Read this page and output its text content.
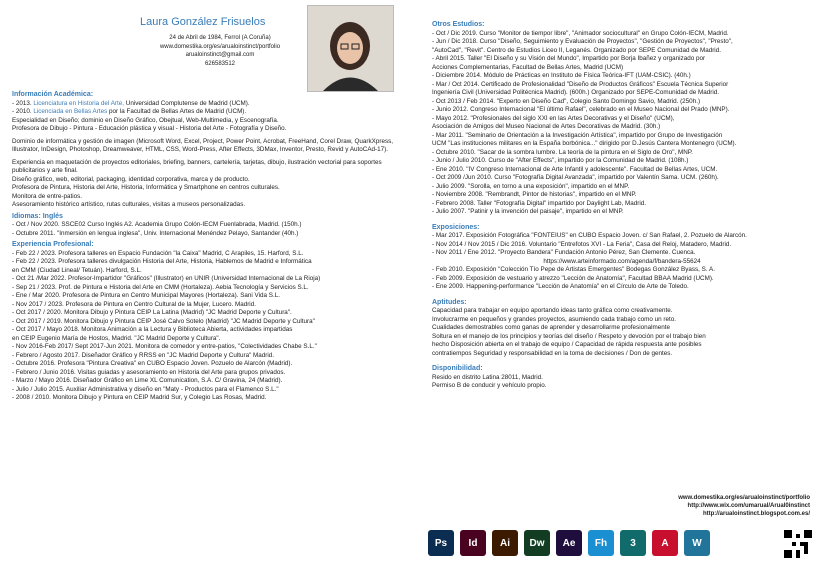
Laura González Frisuelos
24 de Abril de 1984, Ferrol (A Coruña)
www.domestika.org/es/arualoinstinct/portfolio
arualoinstinct@gmail.com
626583512
Información Académica:
- 2013. Licenciatura en Historia del Arte, Universidad Complutense de Madrid (UCM).
- 2010. Licenciada en Bellas Artes por la Facultad de Bellas Artes de Madrid (UCM).
Especialidad en Diseño; dominio en Diseño Gráfico, Obejtual, Web-Multimedia, y Escenografía.
Profesora de Dibujo - Pintura - Educación plástica y visual - Historia del Arte - Fotografía y Diseño.
Dominio de informática y gestión de imagen (Microsoft Word, Excel, Project, Power Point, Acrobat, FreeHand, Corel Draw, QuarkXpress, Illustrator, InDesign, Photoshop, Dreamweaver, HTML, CSS, Word-Press, After Effects, 3DMax, Inventor, Presto, Revid y AutoCAd-17).
Experiencia en maquetación de proyectos editoriales, briefing, banners, cartelería, tarjetas, dibujo, ilustración vectorial para soportes publicitarios y arte final.
Diseño gráfico, web, editorial, packaging, identidad corporativa, marca y de producto.
Profesora de Pintura, Historia del Arte, Historia, Informática y Smartphone en centros culturales.
Monitora de entre-patios.
Asesoramiento histórico artístico, rutas culturales, visitas a museos personalizadas.
Idiomas: Inglés
- Oct / Nov 2020. SSCE02 Curso Inglés A2. Academia Grupo Colón-IECM Fuenlabrada, Madrid. (150h.)
- Octubre 2011. "Inmersión en lengua inglesa", Univ. Internacional Menéndez Pelayo, Santander (40h.)
Experiencia Profesional:
- Feb 22 / 2023. Profesora talleres en Espacio Fundación "la Caixa" Madrid, C Arapiles, 15. Harford, S.L.
- Feb 22 / 2023. Profesora talleres divulgación Historia del Arte, Historia, Hablemos de Madrid e Informática
en CMM (Ciudad Lineal/ Tetuán). Harford, S.L.
- Oct 21 /Mar 2022. Profesor-Impartidor "Gráficos" (Illustrator) en UNIR (Universidad Internacional de La Rioja)
- Sep 21 / 2023. Prof. de Pintura e Historia del Arte en CMM (Hortaleza). Aebia Tecnología y Servicios S.L.
- Ene / Mar 2020. Profesora de Pintura en Centro Municipal Mayores (Hortaleza). Sani Vida S.L.
- Nov 2017 / 2023. Profesora de Pintura en Centro Cultural de la Mujer, Lucero. Madrid.
- Oct 2017 / 2020. Monitora Dibujo y Pintura CEIP La Latina (Madrid) "JC Madrid Deporte y Cultura".
- Oct 2017 / 2019. Monitora Dibujo y Pintura CEIP José Calvo Sotelo (Madrid) "JC Madrid Deporte y Cultura"
- Oct 2017 / Mayo 2018. Monitora Animación a la Lectura y Biblioteca Abierta, actividades impartidas
en CEIP Eugenio María de Hostos, Madrid. "JC Madrid Deporte y Cultura".
- Nov 2016-Feb 2017/ Sept 2017-Jun 2021. Monitora de comedor y entre-patios, "Colectividades Chabe S.L."
- Febrero / Agosto 2017. Diseñador Gráfico y RRSS en "JC Madrid Deporte y Cultura" Madrid.
- Octubre 2016. Profesora "Pintura Creativa" en CUBO Espacio Joven. Pozuelo de Alarcón (Madrid).
- Febrero / Junio 2016. Visitas guiadas y asesoramiento en Historia del Arte para grupos privados.
- Marzo / Mayo 2016. Diseñador Gráfico en Lime XL Comunication, S.A. C/ Gravina, 24 (Madrid).
- Julio / Julio 2015. Auxiliar Administrativa y diseño en "Maty - Productos para el Flamenco S.L."
- 2008 / 2010. Monitora Dibujo y Pintura en CEIP Madrid Sur, y Colegio Las Rosas, Madrid.
Otros Estudios:
- Oct / Dic 2019. Curso "Monitor de tiempor libre", "Animador sociocultural" en Grupo Colón-IECM, Madrid.
- Jun / Dic 2018. Curso "Diseño, Seguimiento y Evaluación de Proyectos", "Gestión de Proyectos", "Presto",
"AutoCad", "Revit". Centro de Estudios Liceo II, Leganés. Organizado por SEPE Comunidad de Madrid.
- Abril 2015. Taller "El Diseño y su Visión del Mundo", Impartido por Borja Ibañez y organizado por
Acciones Complementarias, Facultad de Bellas Artes, Madrid (UCM)
- Diciembre 2014. Módulo de Prácticas en Instituto de Física Teórica-IFT (UAM-CSIC). (40h.)
- Mar / Oct 2014. Certificado de Profesionalidad "Diseño de Productos Gráficos" Escuela Técnica Superior
Ingeniería Civil (Universidad Politécnica Madrid). (600h.) Organizado por SEPE-Comunidad de Madrid.
- Oct 2013 / Feb 2014. "Experto en Diseño Cad", Colegio Santo Domingo Savio, Madrid. (250h.)
- Junio 2012. Congreso Internacional "El último Rafael", celebrado en el Museo Nacional del Prado (MNP).
- Mayo 2012. "Profesionales del siglo XXI en las Artes Decorativas y el Diseño" (UCM),
Asociación de Amigos del Museo Nacional de Artes Decorativas de Madrid. (30h.)
- Mar 2011. "Seminario de Orientación a la Investigación Artística", impartido por Grupo de Investigación
UCM "Las instituciones militares en la España borbónica..." dirigido por D.Jesús Cantera Montenegro (UCM).
- Octubre 2010. "Sacar de la sombra lumbre. La teoría de la pintura en el Siglo de Oro", MNP.
- Junio / Julio 2010. Curso de "After Effects", impartido por la Comunidad de Madrid. (108h.)
- Ene 2010. "IV Congreso Internacional de Arte Infantil y adolescente". Facultad de Bellas Artes, UCM.
- Oct 2009 /Jun 2010. Curso "Fotografía Digital Avanzada", impartido por Valentín Sama. UCM. (260h).
- Julio 2009. "Sorolla, en torno a una exposición", impartido en el MNP.
- Noviembre 2008. "Rembrandt, Pintor de historias", impartido en el MNP.
- Febrero 2008. Taller "Fotografía Digital" impartido por Daylight Lab, Madrid.
- Julio 2007. "Patinir y la invención del paisaje", impartido en el MNP.
Exposiciones:
- Mar 2017. Exposición Fotográfica "FONTEIUS" en CUBO Espacio Joven. c/ San Rafael, 2. Pozuelo de Alarcón.
- Nov 2014 / Nov 2015 / Dic 2016. Voluntario "Entrefotos XVI - La Feria", Casa del Reloj, Matadero, Madrid.
- Nov 2011 / Ene 2012. "Proyecto Bandera" Fundación Antonio Pérez, San Clemente. Cuenca.
https://www.arteinformado.com/agenda/f/bandera-55624
- Feb 2010. Exposición "Colección Tío Pepe de Artistas Emergentes" Bodegas González Byass, S. A.
- Feb 2009. Exposición de vestuario y atrezzo "Lección de Anatomía", Facultad BBAA Madrid (UCM).
- Ene 2009. Happening-performance "Lección de Anatomía" en el Círculo de Arte de Toledo.
Aptitudes:
Capacidad para trabajar en equipo aportando ideas tanto gráfica como creativamente.
Involucrarme en pequeños y grandes proyectos, asumiendo cada trabajo como un reto.
Cualidades demostrables como ganas de aprender y desarrollarme profesionalmente
Soltura en el manejo de los principios y teorías del diseño / Respeto y devoción por el trabajo bien
hecho Disposición abierta en el trabajo de equipo / Capacidad de rápida respuesta ante posibles
contratiempos Seguridad y responsabilidad en la toma de decisiones / Don de gentes.
Disponibilidad:
Resido en distrito Latina 28011, Madrid.
Permiso B de conducir y vehículo propio.
www.domestika.org/es/arualoinstinct/portfolio
http://www.wix.com/umarual/Arual0instinct
http://arualoinstinct.blogspot.com.es/
Ps	Id	Ai	Dw	Ae	Fh	3	A	W
